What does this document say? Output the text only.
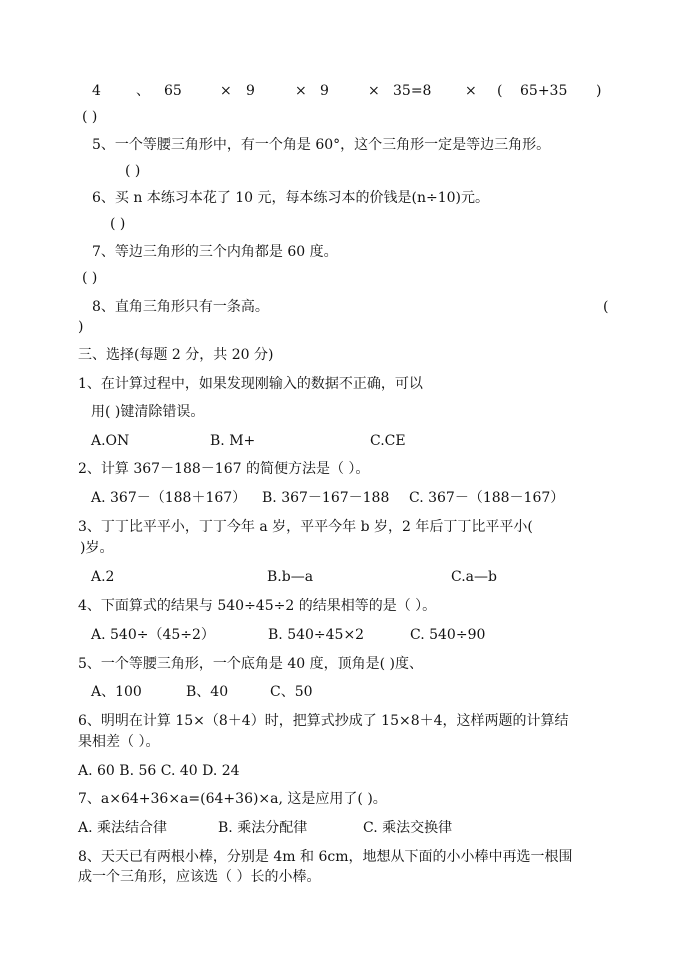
4	、 65	× 9	× 9	× 35=8 × ( 65+35 )
( )
5、一个等腰三角形中，有一个角是 60°，这个三角形一定是等边三角形。
( )
6、买 n 本练习本花了 10 元，每本练习本的价钱是(n÷10)元。
( )
7、等边三角形的三个内角都是 60 度。
( )
8、直角三角形只有一条高。	(
)
三、选择(每题 2 分，共 20 分)
1、在计算过程中，如果发现刚输入的数据不正确，可以
用( )键清除错误。
A.ON	B. M+	C.CE
2、计算 367－188－167 的简便方法是（ ）。
A. 367－（188＋167） B. 367－167－188 C. 367－（188－167）
3、丁丁比平平小，丁丁今年 a 岁，平平今年 b 岁，2 年后丁丁比平平小(
)岁。
A.2	B.b—a	C.a—b
4、下面算式的结果与 540÷45÷2 的结果相等的是（ ）。
A. 540÷（45÷2）	B. 540÷45×2	C. 540÷90
5、一个等腰三角形，一个底角是 40 度，顶角是( )度、
A、100	B、40	C、50
6、明明在计算 15×（8＋4）时，把算式抄成了 15×8＋4，这样两题的计算结
果相差（ ）。
A. 60 B. 56 C. 40 D. 24
7、a×64+36×a=(64+36)×a, 这是应用了( )。
A. 乘法结合律	B. 乘法分配律	C. 乘法交换律
8、天天已有两根小棒，分别是 4m 和 6cm，地想从下面的小小棒中再选一根围
成一个三角形，应该选（ ）长的小棒。
